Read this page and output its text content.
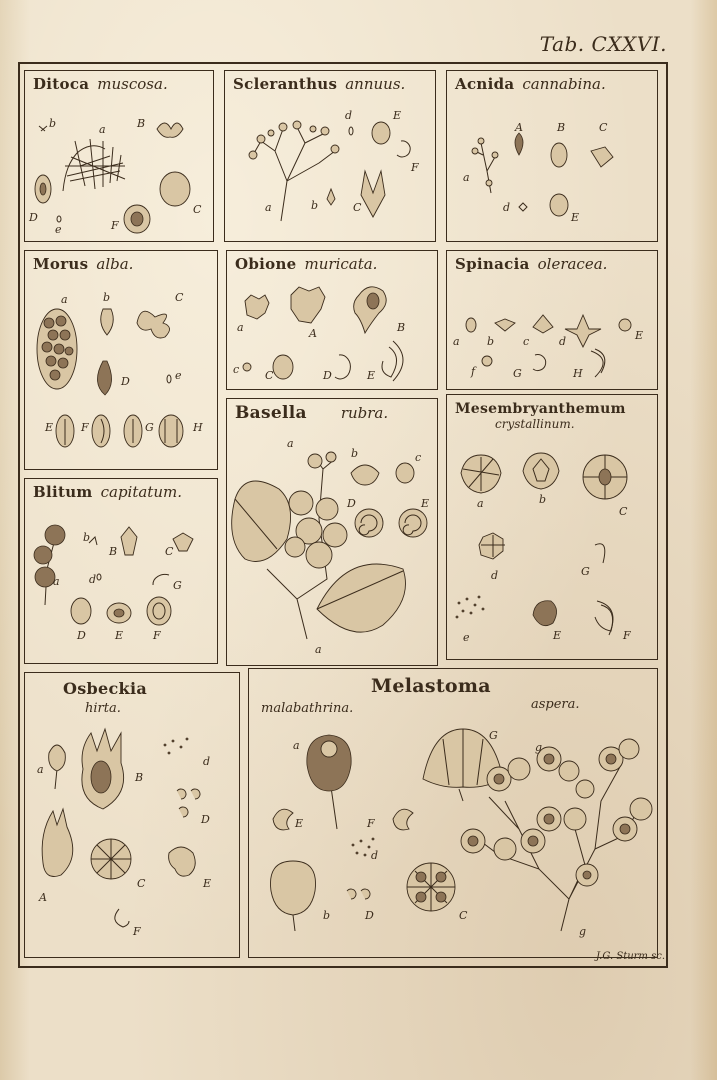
Tab. CXXVI.
Ditoca muscosa.
b	a	B
D
e	F
C
Scleranthus annuus.
d	E
F
a	b	C
Acnida cannabina.
A	B	C
a
d
E
Morus alba.
a	b	C
D	e
E	F	G	H
Obione muricata.
a	A	B
c C	D	E
Spinacia oleracea.
a b	c	d	E
f	G	H
Blitum capitatum.
b
a
B	C
d	G
D	E	F
Basella rubra.
a
b	c
D	E
a
Mesembryanthemum
crystallinum.
a	b
C
d	G
e	E	F
Osbeckia
hirta.
a
B
d
D
A
C	E
F
Melastoma
malabathrina.	aspera.
a
G
g
E	F
d
b	D	C
g
J.G. Sturm sc.
